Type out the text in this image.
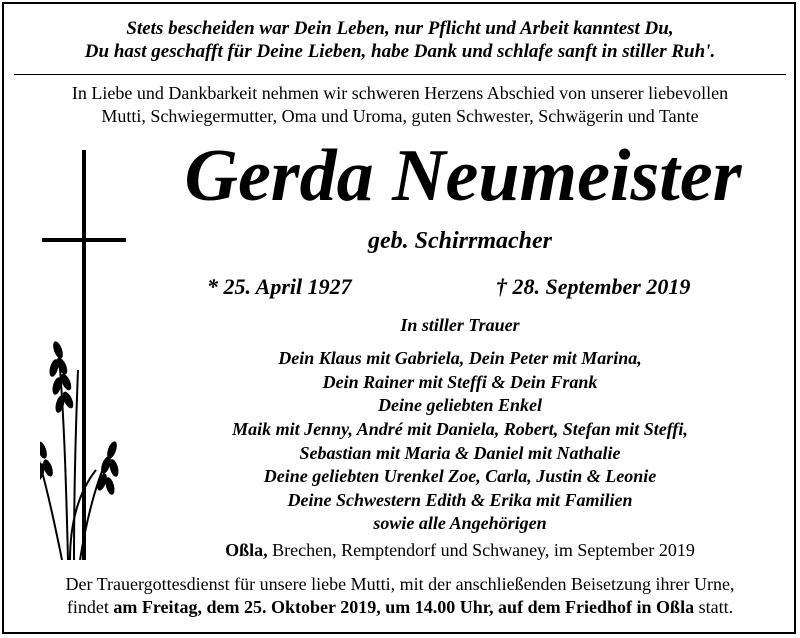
Stets bescheiden war Dein Leben, nur Pflicht und Arbeit kanntest Du,
Du hast geschafft für Deine Lieben, habe Dank und schlafe sanft in stiller Ruh'.
In Liebe und Dankbarkeit nehmen wir schweren Herzens Abschied von unserer liebevollen
Mutti, Schwiegermutter, Oma und Uroma, guten Schwester, Schwägerin und Tante
Gerda Neumeister
geb. Schirrmacher
* 25. April 1927	† 28. September 2019
In stiller Trauer
Dein Klaus mit Gabriela, Dein Peter mit Marina,
Dein Rainer mit Steffi & Dein Frank
Deine geliebten Enkel
Maik mit Jenny, André mit Daniela, Robert, Stefan mit Steffi,
Sebastian mit Maria & Daniel mit Nathalie
Deine geliebten Urenkel Zoe, Carla, Justin & Leonie
Deine Schwestern Edith & Erika mit Familien
sowie alle Angehörigen
Oßla, Brechen, Remptendorf und Schwaney, im September 2019
Der Trauergottesdienst für unsere liebe Mutti, mit der anschließenden Beisetzung ihrer Urne,
findet am Freitag, dem 25. Oktober 2019, um 14.00 Uhr, auf dem Friedhof in Oßla statt.
